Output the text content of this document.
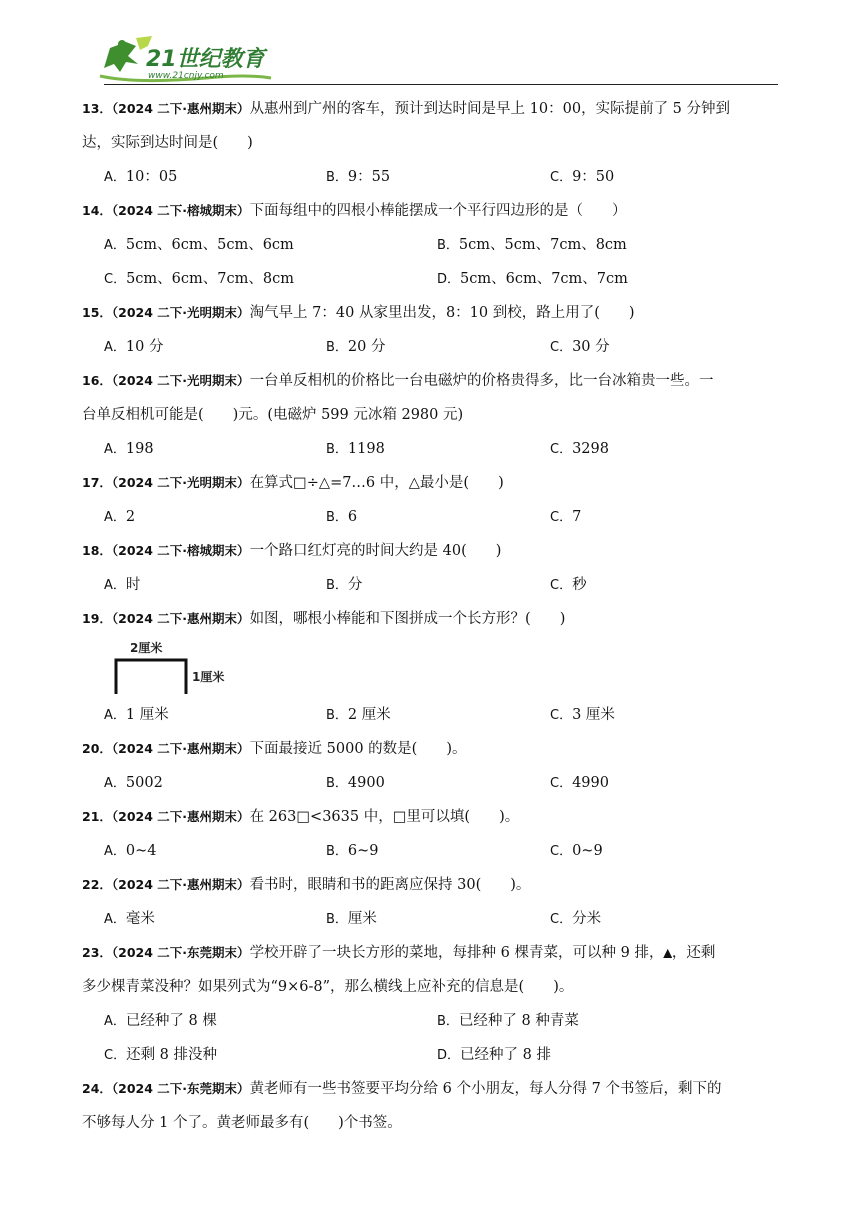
21世纪教育
www.21cnjy.com
13．（2024 二下·惠州期末）从惠州到广州的客车，预计到达时间是早上 10：00，实际提前了 5 分钟到
达，实际到达时间是(　　)
A．10：05	B．9：55	C．9：50
14．（2024 二下·榕城期末）下面每组中的四根小棒能摆成一个平行四边形的是（　　）
A．5cm、6cm、5cm、6cm	B．5cm、5cm、7cm、8cm
C．5cm、6cm、7cm、8cm	D．5cm、6cm、7cm、7cm
15．（2024 二下·光明期末）淘气早上 7：40 从家里出发，8：10 到校，路上用了(　　)
A．10 分	B．20 分	C．30 分
16．（2024 二下·光明期末）一台单反相机的价格比一台电磁炉的价格贵得多，比一台冰箱贵一些。一
台单反相机可能是(　　)元。(电磁炉 599 元冰箱 2980 元)
A．198	B．1198	C．3298
17．（2024 二下·光明期末）在算式□÷△=7…6 中，△最小是(　　)
A．2	B．6	C．7
18．（2024 二下·榕城期末）一个路口红灯亮的时间大约是 40(　　)
A．时	B．分	C．秒
19．（2024 二下·惠州期末）如图，哪根小棒能和下图拼成一个长方形？(　　)
2厘米
1厘米
A．1 厘米	B．2 厘米	C．3 厘米
20．（2024 二下·惠州期末）下面最接近 5000 的数是(　　)。
A．5002	B．4900	C．4990
21．（2024 二下·惠州期末）在 263□<3635 中，□里可以填(　　)。
A．0~4	B．6~9	C．0~9
22．（2024 二下·惠州期末）看书时，眼睛和书的距离应保持 30(　　)。
A．毫米	B．厘米	C．分米
23．（2024 二下·东莞期末）学校开辟了一块长方形的菜地，每排种 6 棵青菜，可以种 9 排，▲，还剩
多少棵青菜没种？如果列式为“9×6-8”，那么横线上应补充的信息是(　　)。
A．已经种了 8 棵	B．已经种了 8 种青菜
C．还剩 8 排没种	D．已经种了 8 排
24．（2024 二下·东莞期末）黄老师有一些书签要平均分给 6 个小朋友，每人分得 7 个书签后，剩下的
不够每人分 1 个了。黄老师最多有(　　)个书签。
